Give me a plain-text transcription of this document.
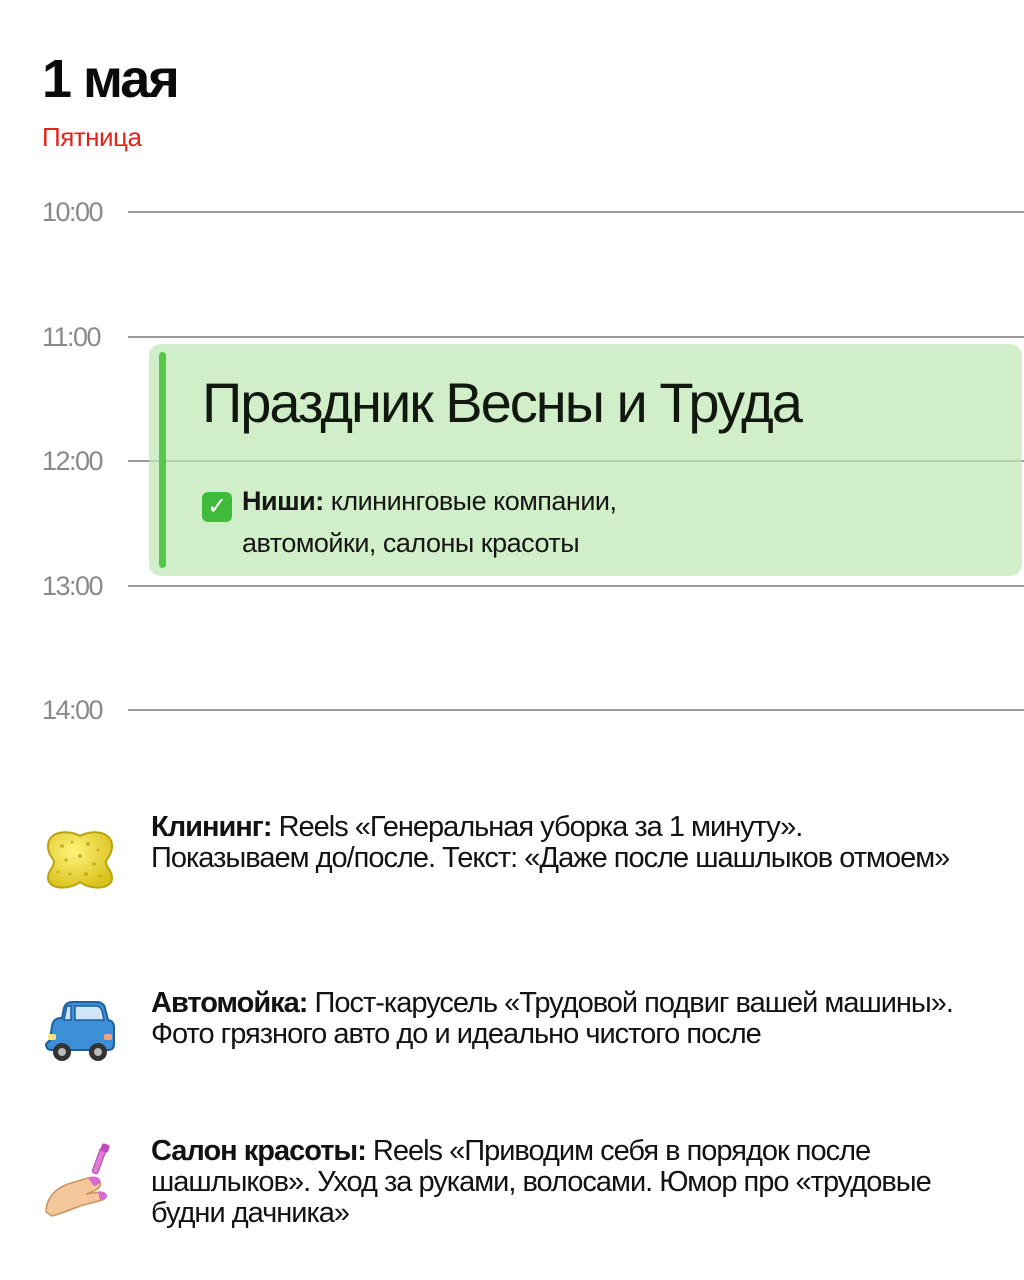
1 мая
Пятница
10:00
11:00
12:00
13:00
14:00
Праздник Весны и Труда
✓ Ниши: клининговые компании,
автомойки, салоны красоты
Клининг: Reels «Генеральная уборка за 1 минуту». Показываем до/после. Текст: «Даже после шашлыков отмоем»
Автомойка: Пост-карусель «Трудовой подвиг вашей машины». Фото грязного авто до и идеально чистого после
Салон красоты: Reels «Приводим себя в порядок после шашлыков». Уход за руками, волосами. Юмор про «трудовые будни дачника»
